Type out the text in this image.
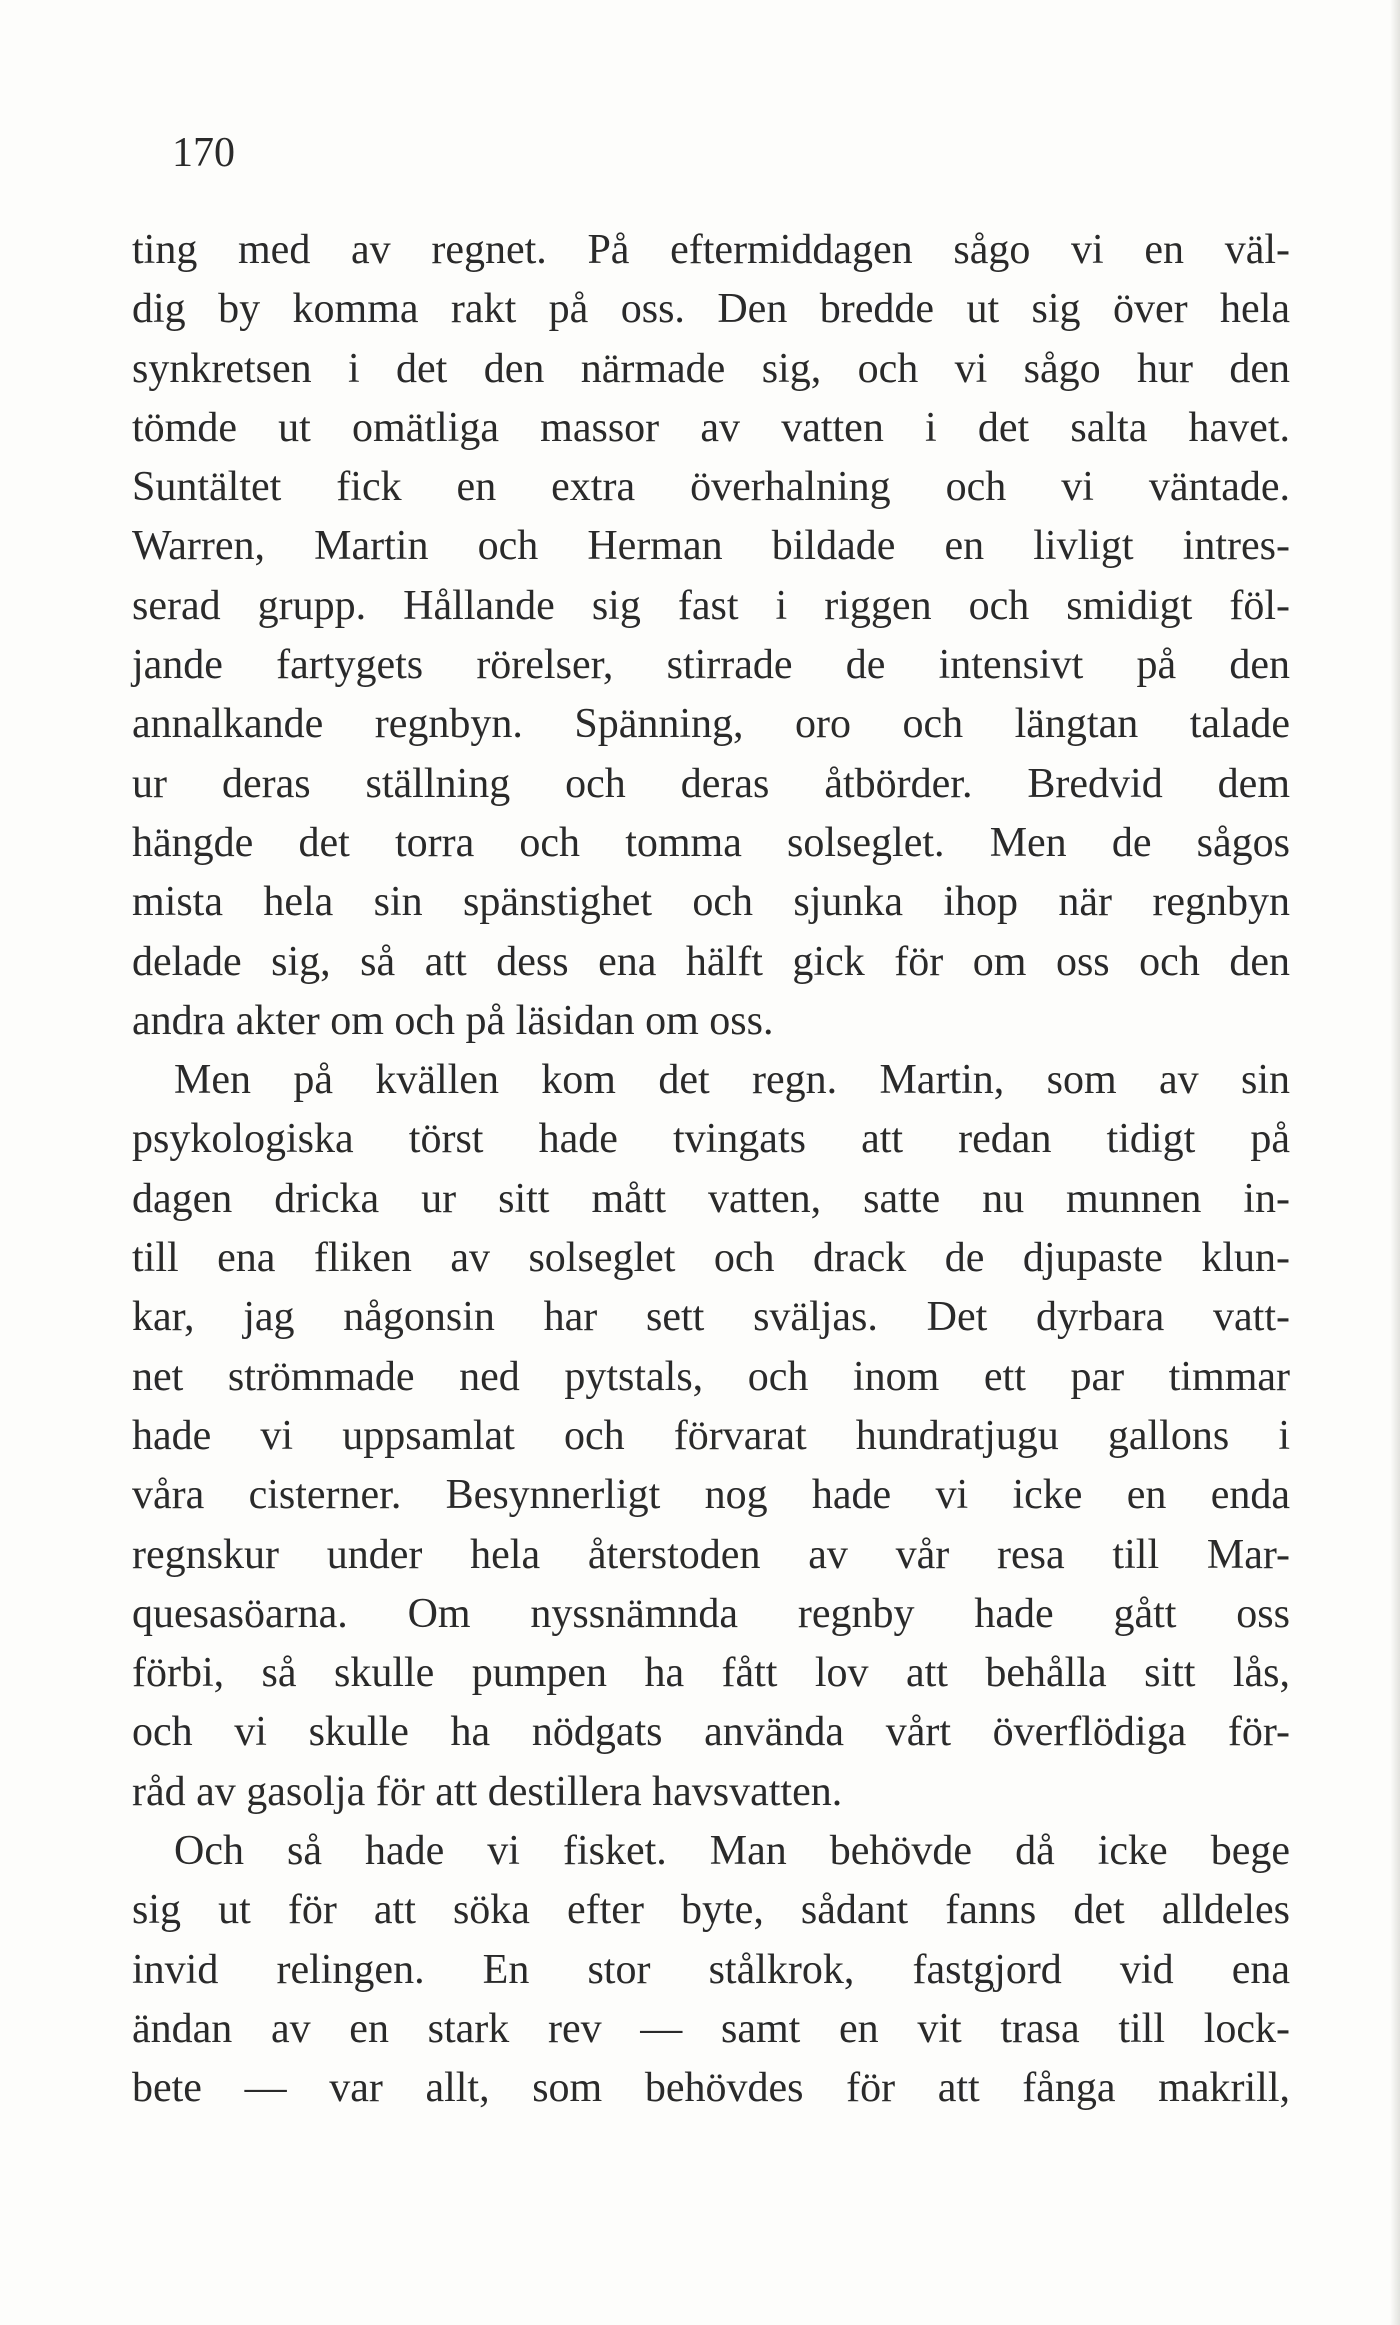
170
ting med av regnet. På eftermiddagen sågo vi en väl-
dig by komma rakt på oss. Den bredde ut sig över hela
synkretsen i det den närmade sig, och vi sågo hur den
tömde ut omätliga massor av vatten i det salta havet.
Suntältet fick en extra överhalning och vi väntade.
Warren, Martin och Herman bildade en livligt intres-
serad grupp. Hållande sig fast i riggen och smidigt föl-
jande fartygets rörelser, stirrade de intensivt på den
annalkande regnbyn. Spänning, oro och längtan talade
ur deras ställning och deras åtbörder. Bredvid dem
hängde det torra och tomma solseglet. Men de sågos
mista hela sin spänstighet och sjunka ihop när regnbyn
delade sig, så att dess ena hälft gick för om oss och den
andra akter om och på läsidan om oss.
Men på kvällen kom det regn. Martin, som av sin
psykologiska törst hade tvingats att redan tidigt på
dagen dricka ur sitt mått vatten, satte nu munnen in-
till ena fliken av solseglet och drack de djupaste klun-
kar, jag någonsin har sett sväljas. Det dyrbara vatt-
net strömmade ned pytstals, och inom ett par timmar
hade vi uppsamlat och förvarat hundratjugu gallons i
våra cisterner. Besynnerligt nog hade vi icke en enda
regnskur under hela återstoden av vår resa till Mar-
quesasöarna. Om nyssnämnda regnby hade gått oss
förbi, så skulle pumpen ha fått lov att behålla sitt lås,
och vi skulle ha nödgats använda vårt överflödiga för-
råd av gasolja för att destillera havsvatten.
Och så hade vi fisket. Man behövde då icke bege
sig ut för att söka efter byte, sådant fanns det alldeles
invid relingen. En stor stålkrok, fastgjord vid ena
ändan av en stark rev — samt en vit trasa till lock-
bete — var allt, som behövdes för att fånga makrill,
